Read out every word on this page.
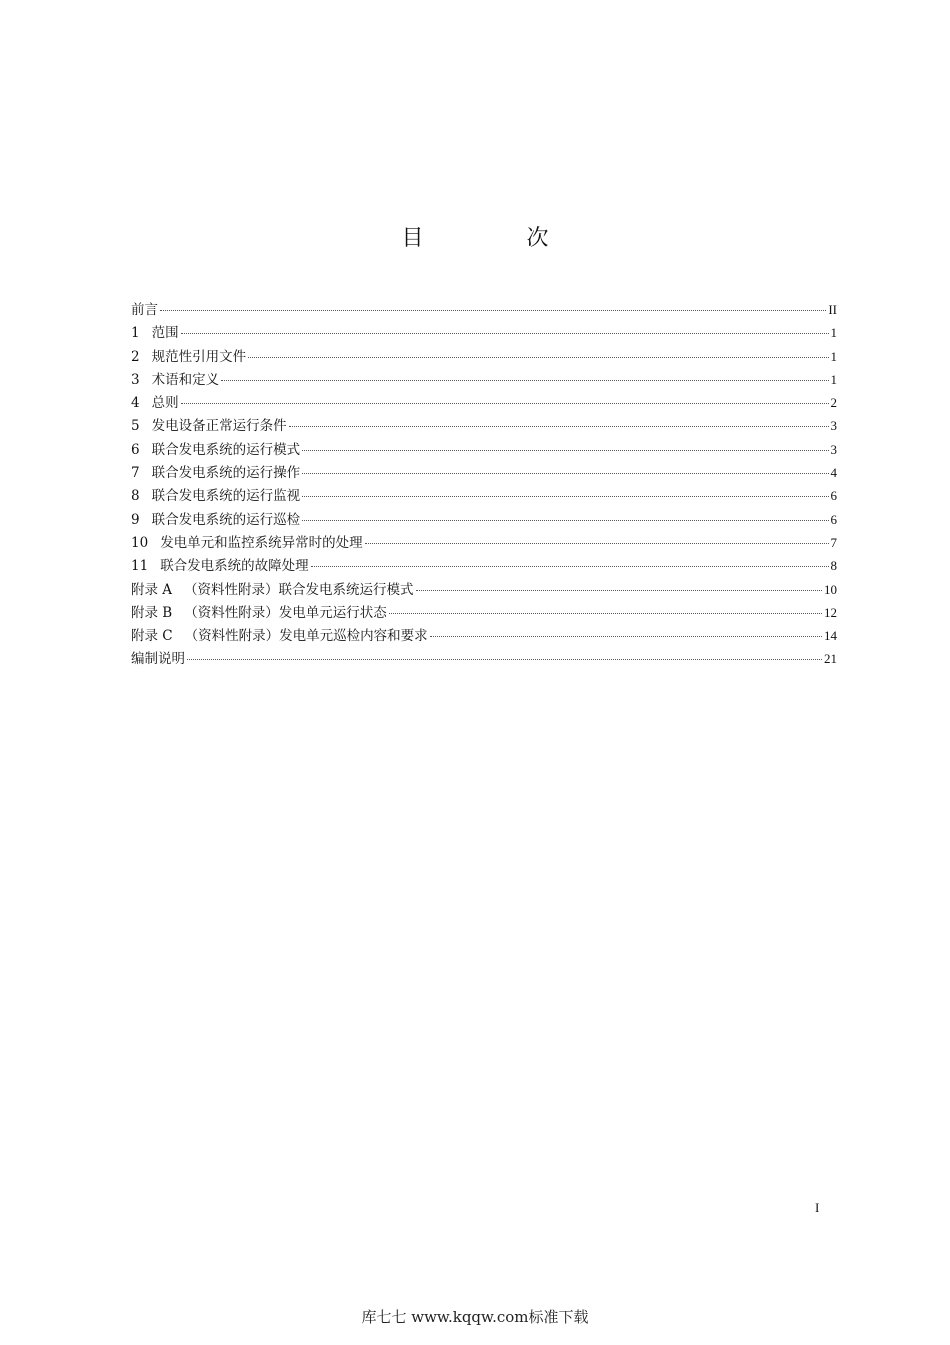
目 次
前言	II
1 范围	1
2 规范性引用文件	1
3 术语和定义	1
4 总则	2
5 发电设备正常运行条件	3
6 联合发电系统的运行模式	3
7 联合发电系统的运行操作	4
8 联合发电系统的运行监视	6
9 联合发电系统的运行巡检	6
10 发电单元和监控系统异常时的处理	7
11 联合发电系统的故障处理	8
附录 A （资料性附录）联合发电系统运行模式	10
附录 B （资料性附录）发电单元运行状态	12
附录 C （资料性附录）发电单元巡检内容和要求	14
编制说明	21
I
库七七 www.kqqw.com标准下载
